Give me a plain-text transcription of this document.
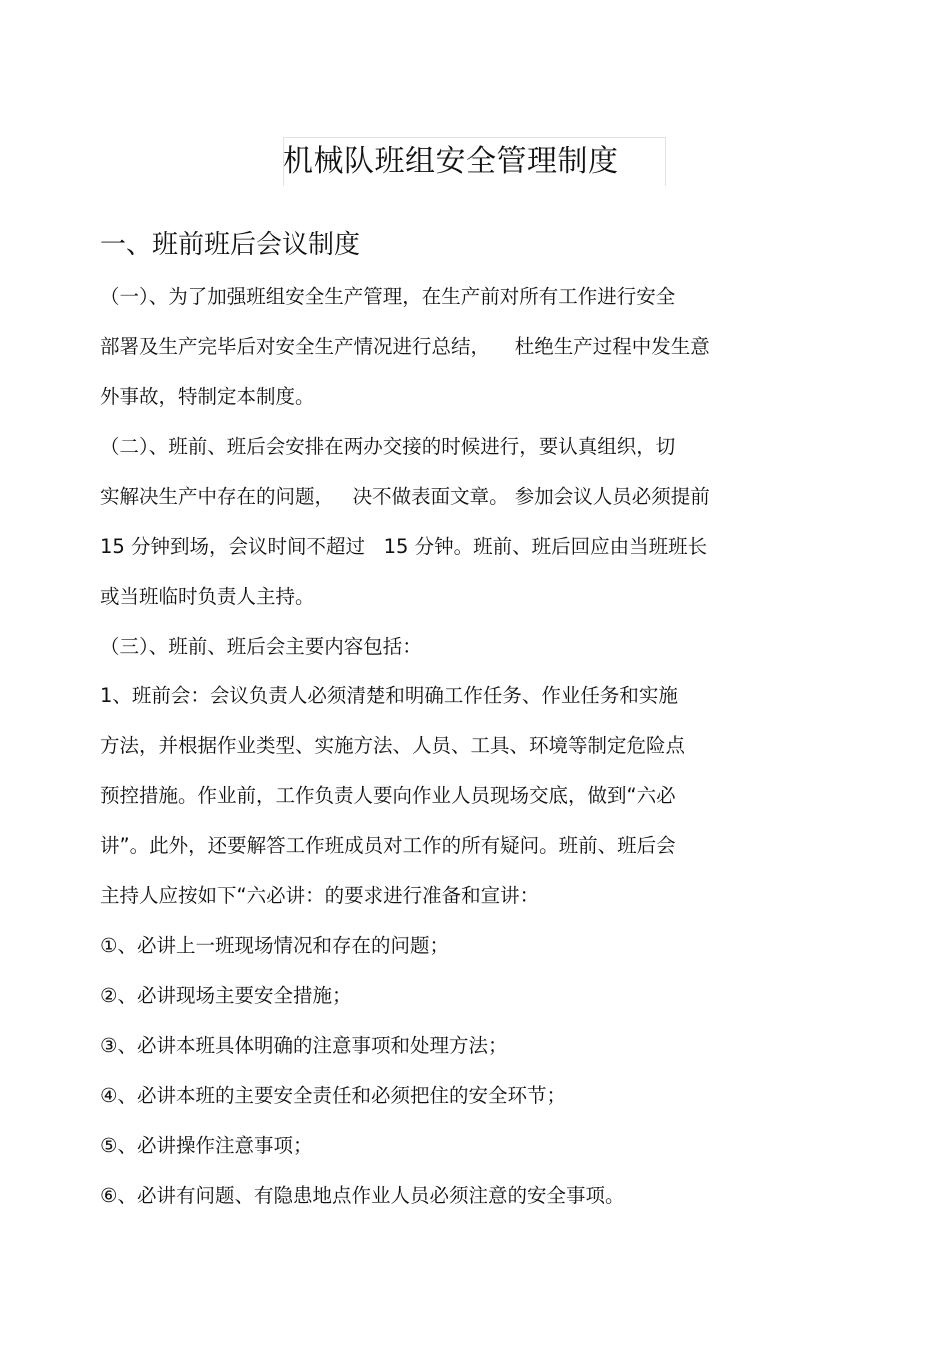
机械队班组安全管理制度
一、班前班后会议制度
（一）、为了加强班组安全生产管理，在生产前对所有工作进行安全
部署及生产完毕后对安全生产情况进行总结，    杜绝生产过程中发生意
外事故，特制定本制度。
（二）、班前、班后会安排在两办交接的时候进行，要认真组织，切
实解决生产中存在的问题，   决不做表面文章。 参加会议人员必须提前
15 分钟到场，会议时间不超过   15 分钟。班前、班后回应由当班班长
或当班临时负责人主持。
（三）、班前、班后会主要内容包括：
1、班前会：会议负责人必须清楚和明确工作任务、作业任务和实施
方法，并根据作业类型、实施方法、人员、工具、环境等制定危险点
预控措施。作业前，工作负责人要向作业人员现场交底，做到“六必
讲”。此外，还要解答工作班成员对工作的所有疑问。班前、班后会
主持人应按如下“六必讲：的要求进行准备和宣讲：
①、必讲上一班现场情况和存在的问题；
②、必讲现场主要安全措施；
③、必讲本班具体明确的注意事项和处理方法；
④、必讲本班的主要安全责任和必须把住的安全环节；
⑤、必讲操作注意事项；
⑥、必讲有问题、有隐患地点作业人员必须注意的安全事项。
